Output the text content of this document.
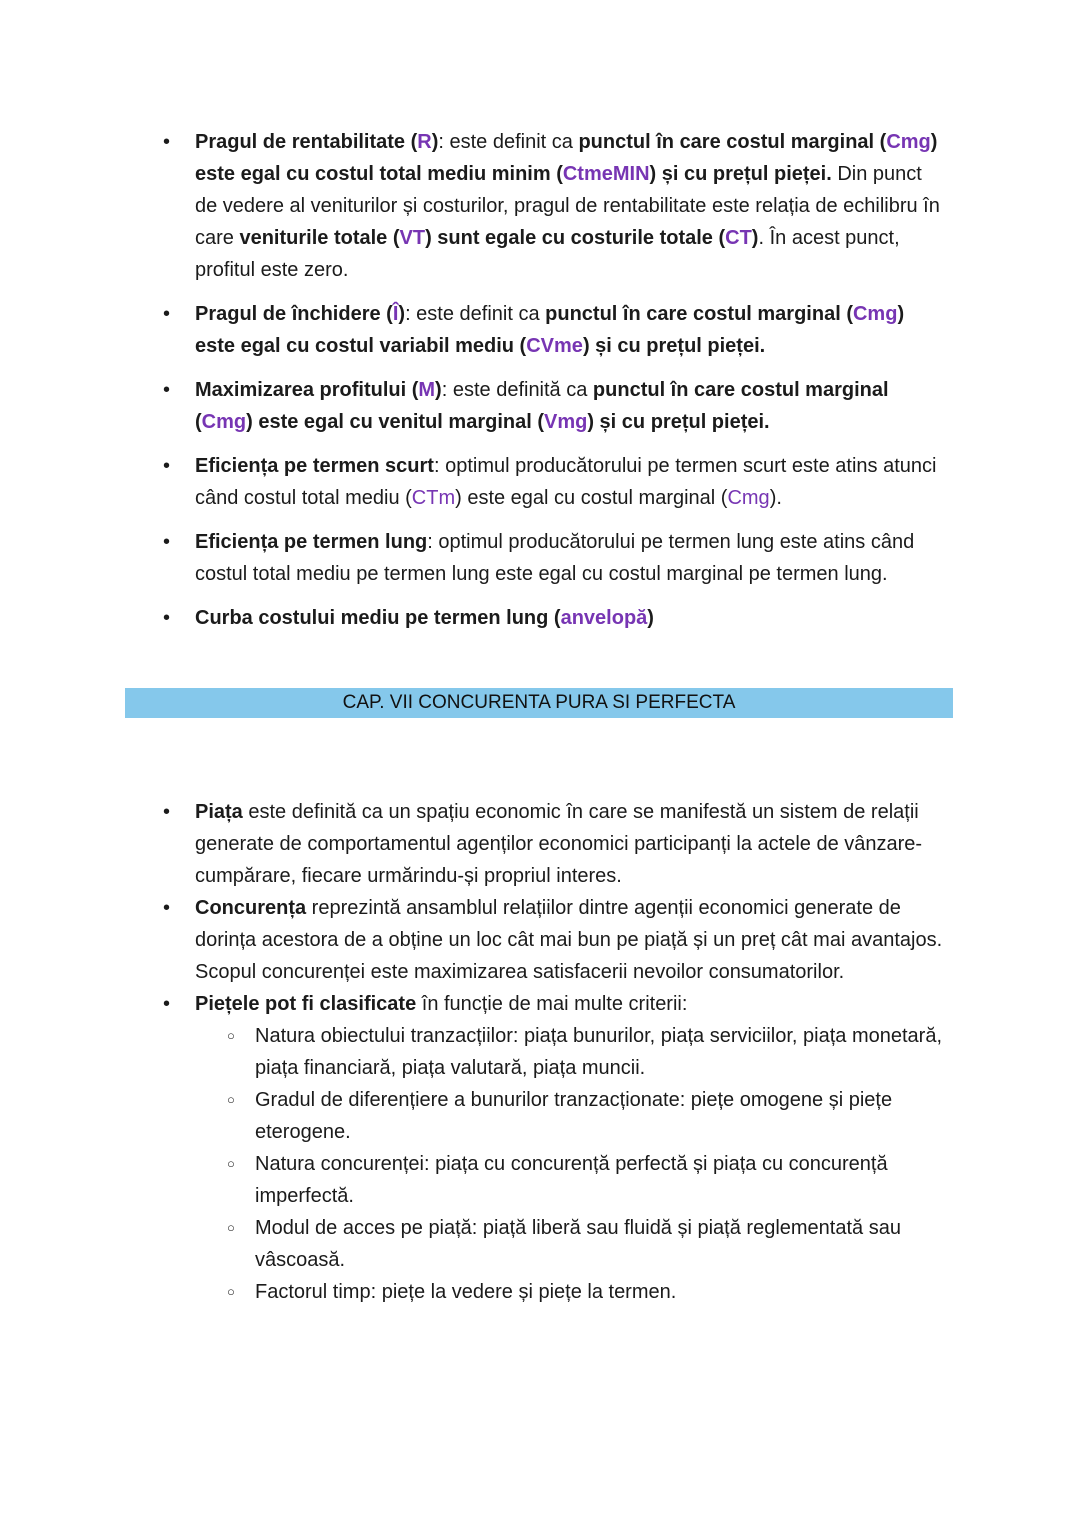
•	Pragul de rentabilitate (R): este definit ca punctul în care costul marginal (Cmg) este egal cu costul total mediu minim (CtmeMIN) și cu prețul pieței. Din punct de vedere al veniturilor și costurilor, pragul de rentabilitate este relația de echilibru în care veniturile totale (VT) sunt egale cu costurile totale (CT). În acest punct, profitul este zero.
•	Pragul de închidere (Î): este definit ca punctul în care costul marginal (Cmg) este egal cu costul variabil mediu (CVme) și cu prețul pieței.
•	Maximizarea profitului (M): este definită ca punctul în care costul marginal (Cmg) este egal cu venitul marginal (Vmg) și cu prețul pieței.
•	Eficiența pe termen scurt: optimul producătorului pe termen scurt este atins atunci când costul total mediu (CTm) este egal cu costul marginal (Cmg).
•	Eficiența pe termen lung: optimul producătorului pe termen lung este atins când costul total mediu pe termen lung este egal cu costul marginal pe termen lung.
•	Curba costului mediu pe termen lung (anvelopă)
CAP. VII CONCURENTA PURA SI PERFECTA
•	Piața este definită ca un spațiu economic în care se manifestă un sistem de relații generate de comportamentul agenților economici participanți la actele de vânzare-cumpărare, fiecare urmărindu-și propriul interes.
•	Concurența reprezintă ansamblul relațiilor dintre agenții economici generate de dorința acestora de a obține un loc cât mai bun pe piață și un preț cât mai avantajos. Scopul concurenței este maximizarea satisfacerii nevoilor consumatorilor.
•	Piețele pot fi clasificate în funcție de mai multe criterii:
○	Natura obiectului tranzacțiilor: piața bunurilor, piața serviciilor, piața monetară, piața financiară, piața valutară, piața muncii.
○	Gradul de diferențiere a bunurilor tranzacționate: piețe omogene și piețe eterogene.
○	Natura concurenței: piața cu concurență perfectă și piața cu concurență imperfectă.
○	Modul de acces pe piață: piață liberă sau fluidă și piață reglementată sau vâscoasă.
○	Factorul timp: piețe la vedere și piețe la termen.
